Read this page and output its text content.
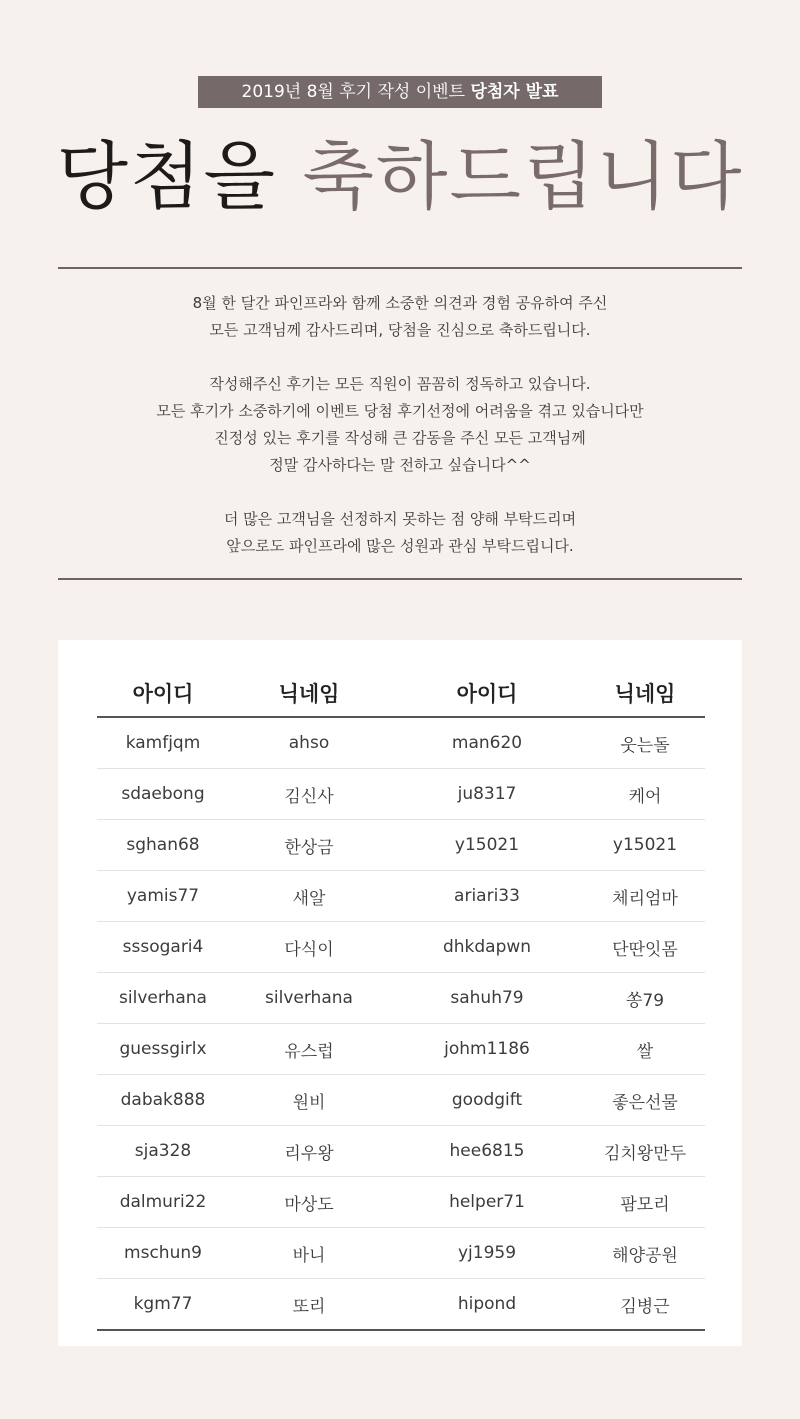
2019년 8월 후기 작성 이벤트 당첨자 발표
당첨을 축하드립니다
8월 한 달간 파인프라와 함께 소중한 의견과 경험 공유하여 주신
모든 고객님께 감사드리며, 당첨을 진심으로 축하드립니다.
작성해주신 후기는 모든 직원이 꼼꼼히 정독하고 있습니다.
모든 후기가 소중하기에 이벤트 당첨 후기선정에 어려움을 겪고 있습니다만
진정성 있는 후기를 작성해 큰 감동을 주신 모든 고객님께
정말 감사하다는 말 전하고 싶습니다^^
더 많은 고객님을 선정하지 못하는 점 양해 부탁드리며
앞으로도 파인프라에 많은 성원과 관심 부탁드립니다.
아이디	닉네임	아이디	닉네임
kamfjqm	ahso	man620	웃는돌
sdaebong	김신사	ju8317	케어
sghan68	한상금	y15021	y15021
yamis77	새알	ariari33	체리엄마
sssogari4	다식이	dhkdapwn	단딴잇몸
silverhana	silverhana	sahuh79	쏭79
guessgirlx	유스럽	johm1186	쌀
dabak888	원비	goodgift	좋은선물
sja328	리우왕	hee6815	김치왕만두
dalmuri22	마상도	helper71	팜모리
mschun9	바니	yj1959	해양공원
kgm77	또리	hipond	김병근
